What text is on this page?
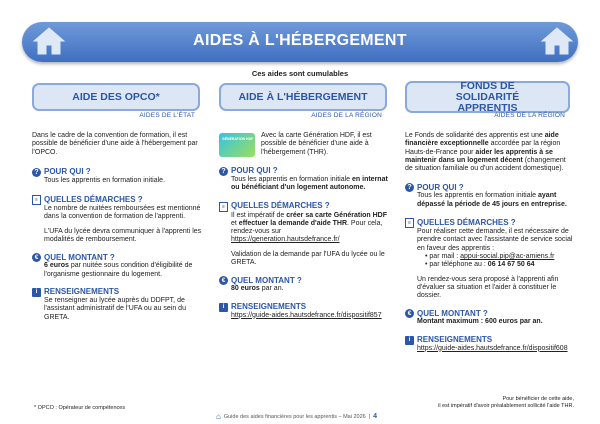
AIDES À L'HÉBERGEMENT
Ces aides sont cumulables
AIDE DES OPCO*
AIDES DE L'ÉTAT
AIDE À L'HÉBERGEMENT
AIDES DE LA RÉGION
FONDS DE SOLIDARITÉ APPRENTIS
AIDES DE LA RÉGION

Dans le cadre de la convention de formation, il est possible de bénéficier d'une aide à l'hébergement par l'OPCO.

? POUR QUI ?

Tous les apprentis en formation initiale.

≡ QUELLES DÉMARCHES ?

Le nombre de nuitées remboursées est mentionné dans la convention de formation de l'apprenti.

L'UFA du lycée devra communiquer à l'apprenti les modalités de remboursement.

€ QUEL MONTANT ?

6 euros par nuitée sous condition d'éligibilité de l'organisme gestionnaire du logement.

i RENSEIGNEMENTS

Se renseigner au lycée auprès du DDFPT, de l'assistant administratif de l'UFA ou au sein du GRETA.

GÉNÉRATION HDF	Avec la carte Génération HDF, il est possible de bénéficier d'une aide à l'hébergement (THR).

? POUR QUI ?

Tous les apprentis en formation initiale en internat ou bénéficiant d'un logement autonome.

≡ QUELLES DÉMARCHES ?

Il est impératif de créer sa carte Génération HDF et effectuer la demande d'aide THR. Pour cela, rendez-vous sur
https://generation.hautsdefrance.fr/

Validation de la demande par l'UFA du lycée ou le GRETA.

€ QUEL MONTANT ?

80 euros par an.

i RENSEIGNEMENTS

https://guide-aides.hautsdefrance.fr/dispositif857

Le Fonds de solidarité des apprentis est une aide financière exceptionnelle accordée par la région Hauts-de-France pour aider les apprentis à se maintenir dans un logement décent (changement de situation familiale ou d'un accident domestique).

? POUR QUI ?

Tous les apprentis en formation initiale ayant dépassé la période de 45 jours en entreprise.

≡ QUELLES DÉMARCHES ?

Pour réaliser cette demande, il est nécessaire de prendre contact avec l'assistante de service social en faveur des apprentis :

• par mail : appui-social.pip@ac-amiens.fr

• par téléphone au : 06 14 67 50 64

Un rendez-vous sera proposé à l'apprenti afin d'évaluer sa situation et l'aider à constituer le dossier.

€ QUEL MONTANT ?

Montant maximum : 600 euros par an.

i RENSEIGNEMENTS

https://guide-aides.hautsdefrance.fr/dispositif608

* OPCO : Opérateur de compétences
Pour bénéficier de cette aide,
il est impératif d'avoir préalablement sollicité l'aide THR.
⌂ Guide des aides financières pour les apprentis – Mai 2026 | 4
